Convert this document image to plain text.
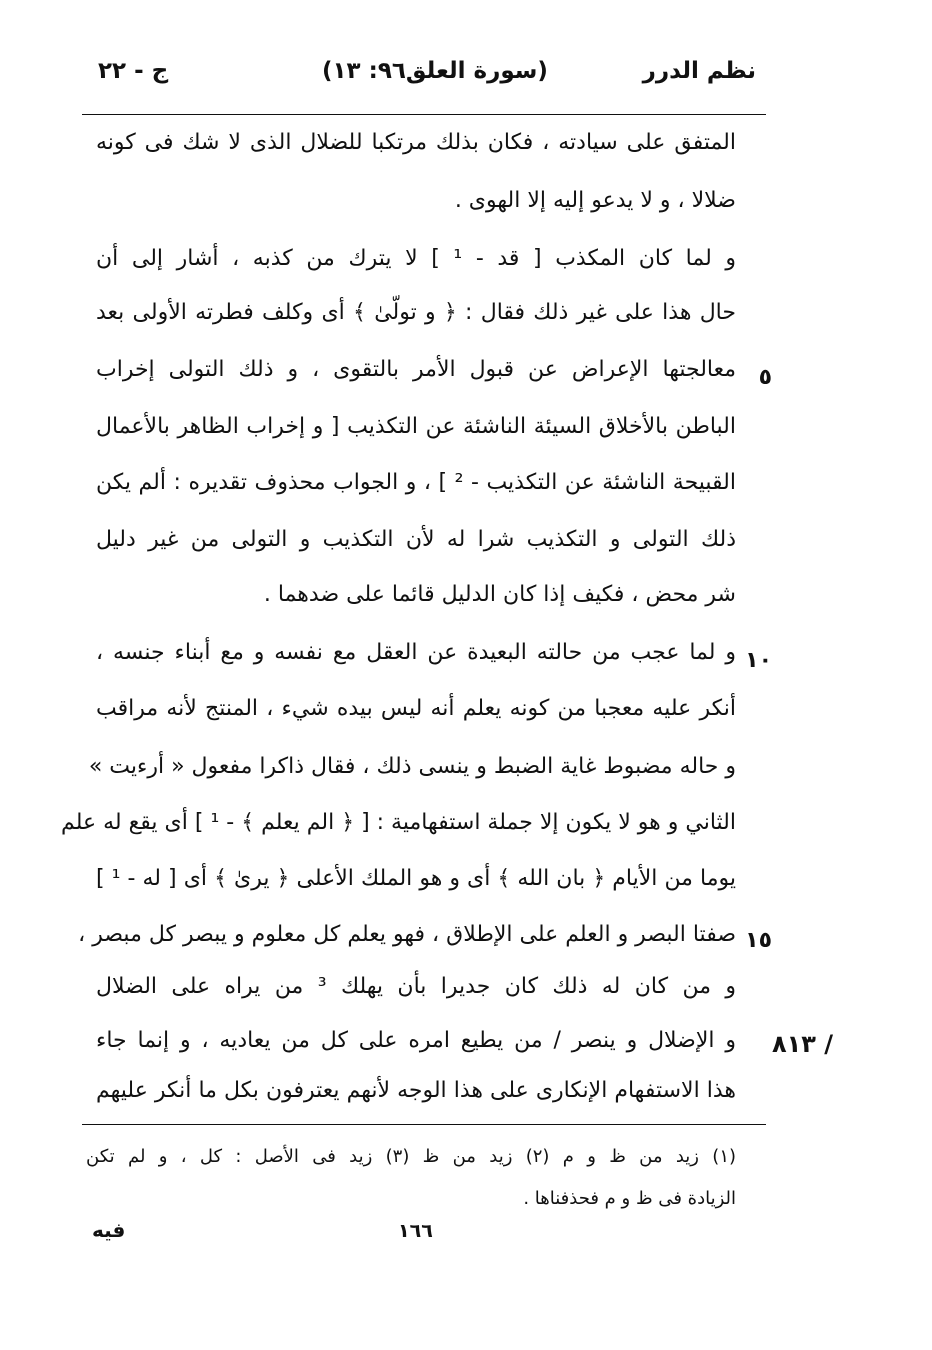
نظم الدرر
(سورة العلق٩٦: ١٣)
ج - ٢٢
المتفق على سيادته ، فكان بذلك مرتكبا للضلال الذى لا شك فى كونه
ضلالا ، و لا يدعو إليه إلا الهوى .
و لما كان المكذب [ قد - ¹ ] لا يترك من كذبه ، أشار إلى أن
حال هذا على غير ذلك فقال : ﴿ و تولّىٰ ﴾ أى وكلف فطرته الأولى بعد
معالجتها الإعراض عن قبول الأمر بالتقوى ، و ذلك التولى إخراب
الباطن بالأخلاق السيئة الناشئة عن التكذيب [ و إخراب الظاهر بالأعمال
القبيحة الناشئة عن التكذيب - ² ] ، و الجواب محذوف تقديره : ألم يكن
ذلك التولى و التكذيب شرا له لأن التكذيب و التولى من غير دليل
شر محض ، فكيف إذا كان الدليل قائما على ضدهما .
و لما عجب من حالته البعيدة عن العقل مع نفسه و مع أبناء جنسه ،
أنكر عليه معجبا من كونه يعلم أنه ليس بيده شيء ، المنتج لأنه مراقب
و حاله مضبوط غاية الضبط و ينسى ذلك ، فقال ذاكرا مفعول « أرءيت »
الثاني و هو لا يكون إلا جملة استفهامية : [ ﴿ الم يعلم ﴾ - ¹ ] أى يقع له علم
يوما من الأيام ﴿ بان الله ﴾ أى و هو الملك الأعلى ﴿ يرىٰ ﴾ أى [ له - ¹ ]
صفتا البصر و العلم على الإطلاق ، فهو يعلم كل معلوم و يبصر كل مبصر ،
و من كان له ذلك كان جديرا بأن يهلك ³ من يراه على الضلال
و الإضلال و ينصر / من يطيع امره على كل من يعاديه ، و إنما جاء
هذا الاستفهام الإنكارى على هذا الوجه لأنهم يعترفون بكل ما أنكر عليهم
٥
١٠
١٥
٨١٣ /
(١) زيد من ظ و م (٢) زيد من ظ (٣) زيد فى الأصل : كل ، و لم تكن
الزيادة فى ظ و م فحذفناها .
فيه	١٦٦
